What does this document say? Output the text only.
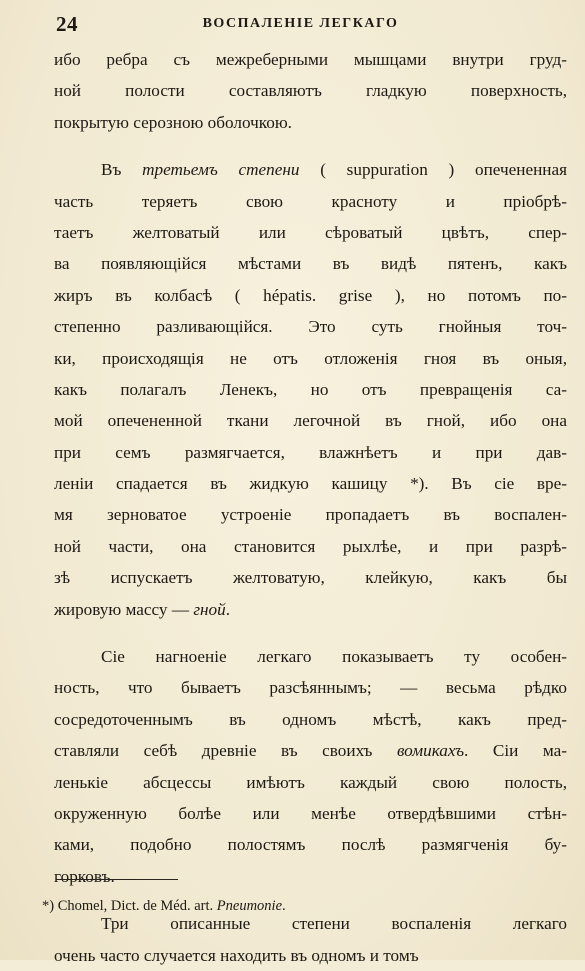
24	ВОСПАЛЕНІЕ ЛЕГКАГО
ибо ребра съ межреберными мышцами внутри груд-
ной полости составляютъ гладкую поверхность,
покрытую серозною оболочкою.
Въ третьемъ степени ( suppuration ) опечененная
часть теряетъ свою красноту и пріобрѣ-
таетъ желтоватый или сѣроватый цвѣтъ, спер-
ва появляющійся мѣстами въ видѣ пятенъ, какъ
жиръ въ колбасѣ ( hépatis. grise ), но потомъ по-
степенно разливающійся. Это суть гнойныя точ-
ки, происходящія не отъ отложенія гноя въ оныя,
какъ полагалъ Ленекъ, но отъ превращенія са-
мой опечененной ткани легочной въ гной, ибо она
при семъ размягчается, влажнѣетъ и при дав-
леніи спадается въ жидкую кашицу *). Въ сіе вре-
мя зерноватое устроеніе пропадаетъ въ воспален-
ной части, она становится рыхлѣе, и при разрѣ-
зѣ испускаетъ желтоватую, клейкую, какъ бы
жировую массу — гной.
Сіе нагноеніе легкаго показываетъ ту особен-
ность, что бываетъ разсѣяннымъ; — весьма рѣдко
сосредоточеннымъ въ одномъ мѣстѣ, какъ пред-
ставляли себѣ древніе въ своихъ вомикахъ. Сіи ма-
ленькіе абсцессы имѣютъ каждый свою полость,
окруженную болѣе или менѣе отвердѣвшими стѣн-
ками, подобно полостямъ послѣ размягченія бу-
горковъ.
Три описанные степени воспаленія легкаго
очень часто случается находить въ одномъ и томъ
*) Chomel, Dict. de Méd. art. Pneumonie.
